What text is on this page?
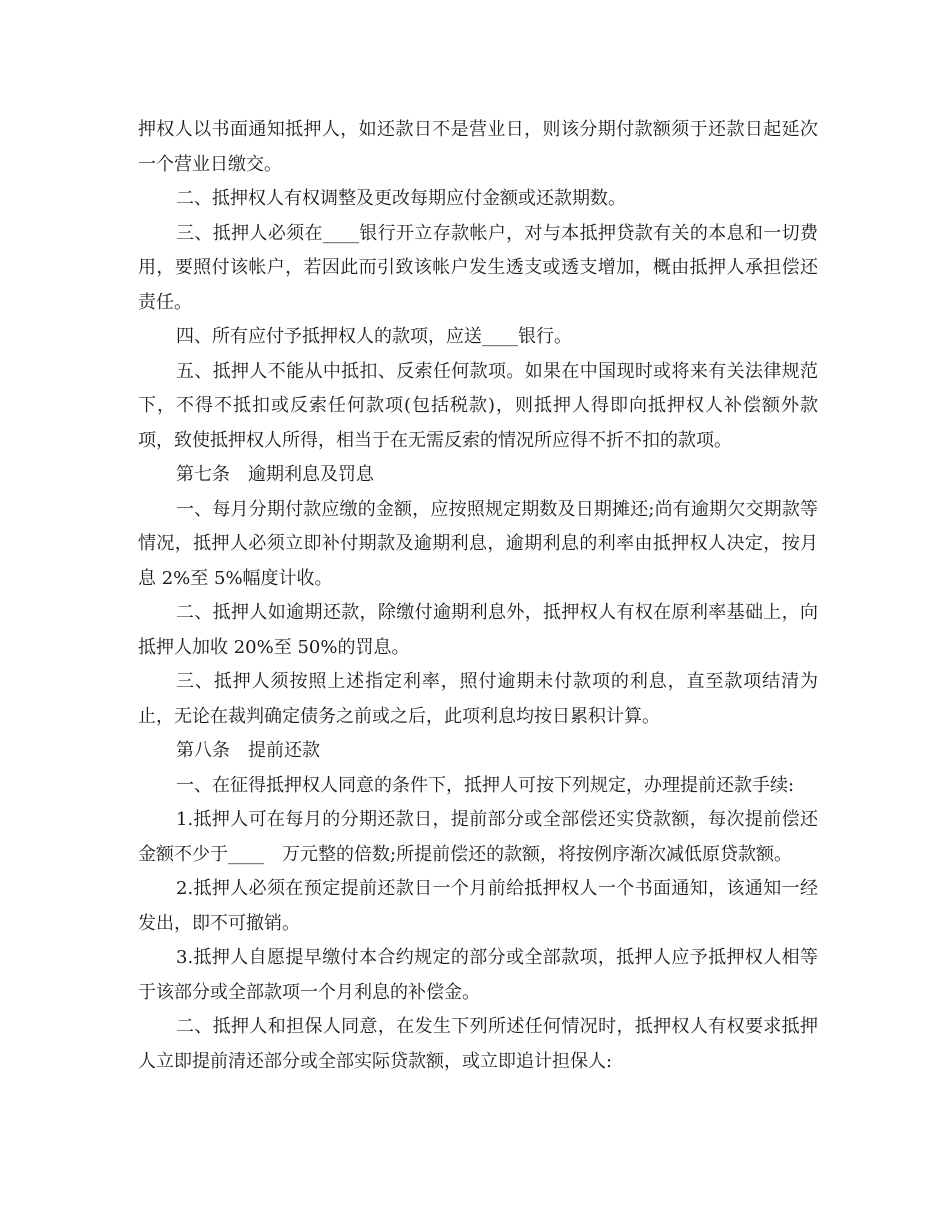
押权人以书面通知抵押人，如还款日不是营业日，则该分期付款额须于还款日起延次一个营业日缴交。

二、抵押权人有权调整及更改每期应付金额或还款期数。

三、抵押人必须在____银行开立存款帐户，对与本抵押贷款有关的本息和一切费用，要照付该帐户，若因此而引致该帐户发生透支或透支增加，概由抵押人承担偿还责任。

四、所有应付予抵押权人的款项，应送____银行。

五、抵押人不能从中抵扣、反索任何款项。如果在中国现时或将来有关法律规范下，不得不抵扣或反索任何款项(包括税款)，则抵押人得即向抵押权人补偿额外款项，致使抵押权人所得，相当于在无需反索的情况所应得不折不扣的款项。

第七条　逾期利息及罚息

一、每月分期付款应缴的金额，应按照规定期数及日期摊还;尚有逾期欠交期款等情况，抵押人必须立即补付期款及逾期利息，逾期利息的利率由抵押权人决定，按月息 2%至 5%幅度计收。

二、抵押人如逾期还款，除缴付逾期利息外，抵押权人有权在原利率基础上，向抵押人加收 20%至 50%的罚息。

三、抵押人须按照上述指定利率，照付逾期未付款项的利息，直至款项结清为止，无论在裁判确定债务之前或之后，此项利息均按日累积计算。

第八条　提前还款

一、在征得抵押权人同意的条件下，抵押人可按下列规定，办理提前还款手续:

1.抵押人可在每月的分期还款日，提前部分或全部偿还实贷款额，每次提前偿还金额不少于____　万元整的倍数;所提前偿还的款额，将按例序渐次减低原贷款额。

2.抵押人必须在预定提前还款日一个月前给抵押权人一个书面通知，该通知一经发出，即不可撤销。

3.抵押人自愿提早缴付本合约规定的部分或全部款项，抵押人应予抵押权人相等于该部分或全部款项一个月利息的补偿金。

二、抵押人和担保人同意，在发生下列所述任何情况时，抵押权人有权要求抵押人立即提前清还部分或全部实际贷款额，或立即追计担保人:
